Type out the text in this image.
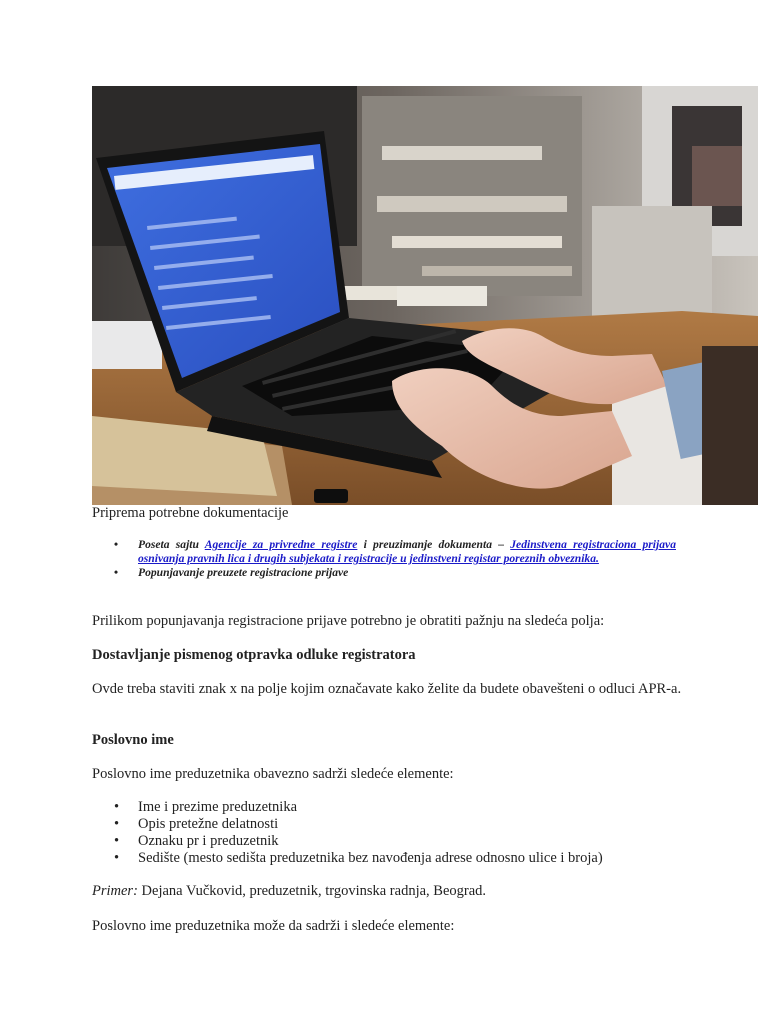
Priprema potrebne dokumentacije
• Poseta sajtu Agencije za privredne registre i preuzimanje dokumenta – Jedinstvena registraciona prijava osnivanja pravnih lica i drugih subjekata i registracije u jedinstveni registar poreznih obveznika.
• Popunjavanje preuzete registracione prijave
Prilikom popunjavanja registracione prijave potrebno je obratiti pažnju na sledeća polja:
Dostavljanje pismenog otpravka odluke registratora
Ovde treba staviti znak x na polje kojim označavate kako želite da budete obavešteni o odluci APR-a.
Poslovno ime
Poslovno ime preduzetnika obavezno sadrži sledeće elemente:
• Ime i prezime preduzetnika
• Opis pretežne delatnosti
• Oznaku pr i preduzetnik
• Sedište (mesto sedišta preduzetnika bez navođenja adrese odnosno ulice i broja)
Primer: Dejana Vučkovid, preduzetnik, trgovinska radnja, Beograd.
Poslovno ime preduzetnika može da sadrži i sledeće elemente:
